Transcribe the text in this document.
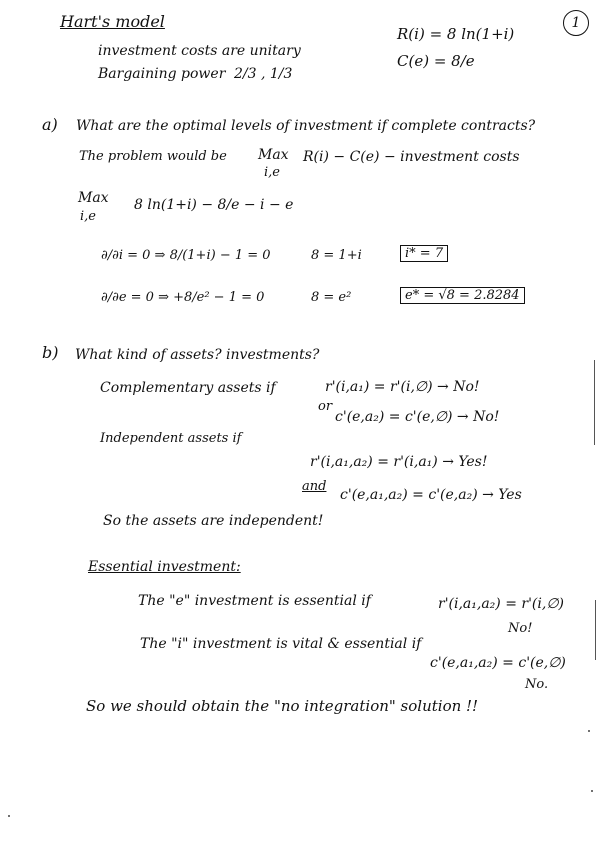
1
Hart's model
investment costs are unitary
Bargaining power 2/3 , 1/3
R(i) = 8 ln(1+i)
C(e) = 8/e
a) What are the optimal levels of investment if complete contracts?
The problem would be Max
i,e
R(i) − C(e) − investment costs
Max
i,e
8 ln(1+i) − 8/e − i − e
∂/∂i = 0 ⇒ 8/(1+i) − 1 = 0	8 = 1+i	i* = 7
∂/∂e = 0 ⇒ +8/e² − 1 = 0	8 = e²	e* = √8 = 2.8284
b) What kind of assets? investments?
Complementary assets if	r'(i,a₁) = r'(i,∅) → No!
or
c'(e,a₂) = c'(e,∅) → No!
Independent assets if
r'(i,a₁,a₂) = r'(i,a₁) → Yes!
and
c'(e,a₁,a₂) = c'(e,a₂) → Yes
So the assets are independent!
Essential investment:
The "e" investment is essential if	r'(i,a₁,a₂) = r'(i,∅)
No!
The "i" investment is vital & essential if
c'(e,a₁,a₂) = c'(e,∅)
No.
So we should obtain the "no integration" solution !!
